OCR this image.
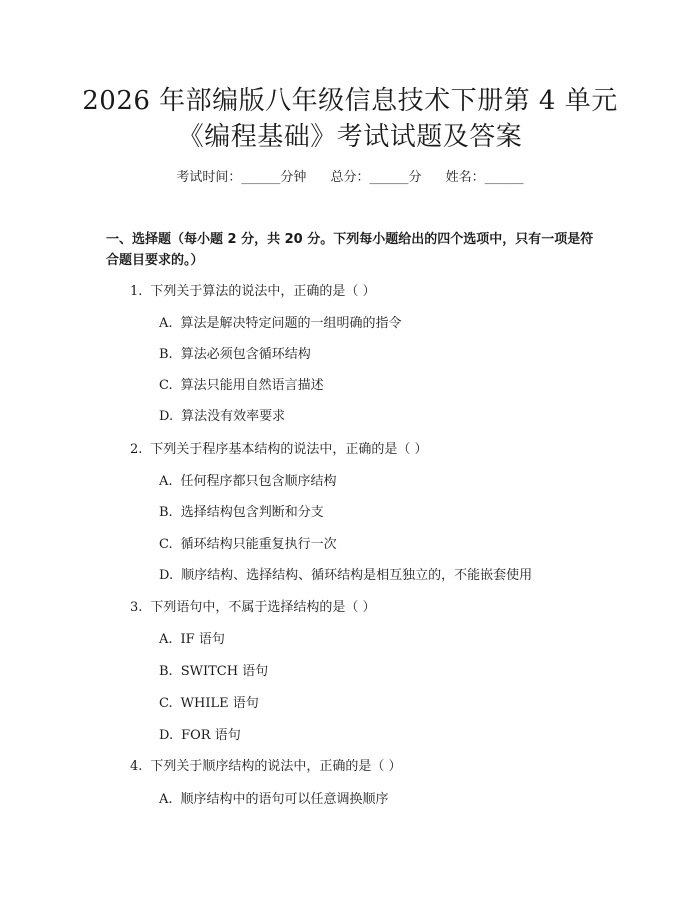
2026 年部编版八年级信息技术下册第 4 单元
《编程基础》考试试题及答案
考试时间：______分钟 总分：______分 姓名：______
一、选择题（每小题 2 分，共 20 分。下列每小题给出的四个选项中，只有一项是符合题目要求的。）
1. 下列关于算法的说法中，正确的是（ ）
A. 算法是解决特定问题的一组明确的指令
B. 算法必须包含循环结构
C. 算法只能用自然语言描述
D. 算法没有效率要求
2. 下列关于程序基本结构的说法中，正确的是（ ）
A. 任何程序都只包含顺序结构
B. 选择结构包含判断和分支
C. 循环结构只能重复执行一次
D. 顺序结构、选择结构、循环结构是相互独立的，不能嵌套使用
3. 下列语句中，不属于选择结构的是（ ）
A. IF 语句
B. SWITCH 语句
C. WHILE 语句
D. FOR 语句
4. 下列关于顺序结构的说法中，正确的是（ ）
A. 顺序结构中的语句可以任意调换顺序
